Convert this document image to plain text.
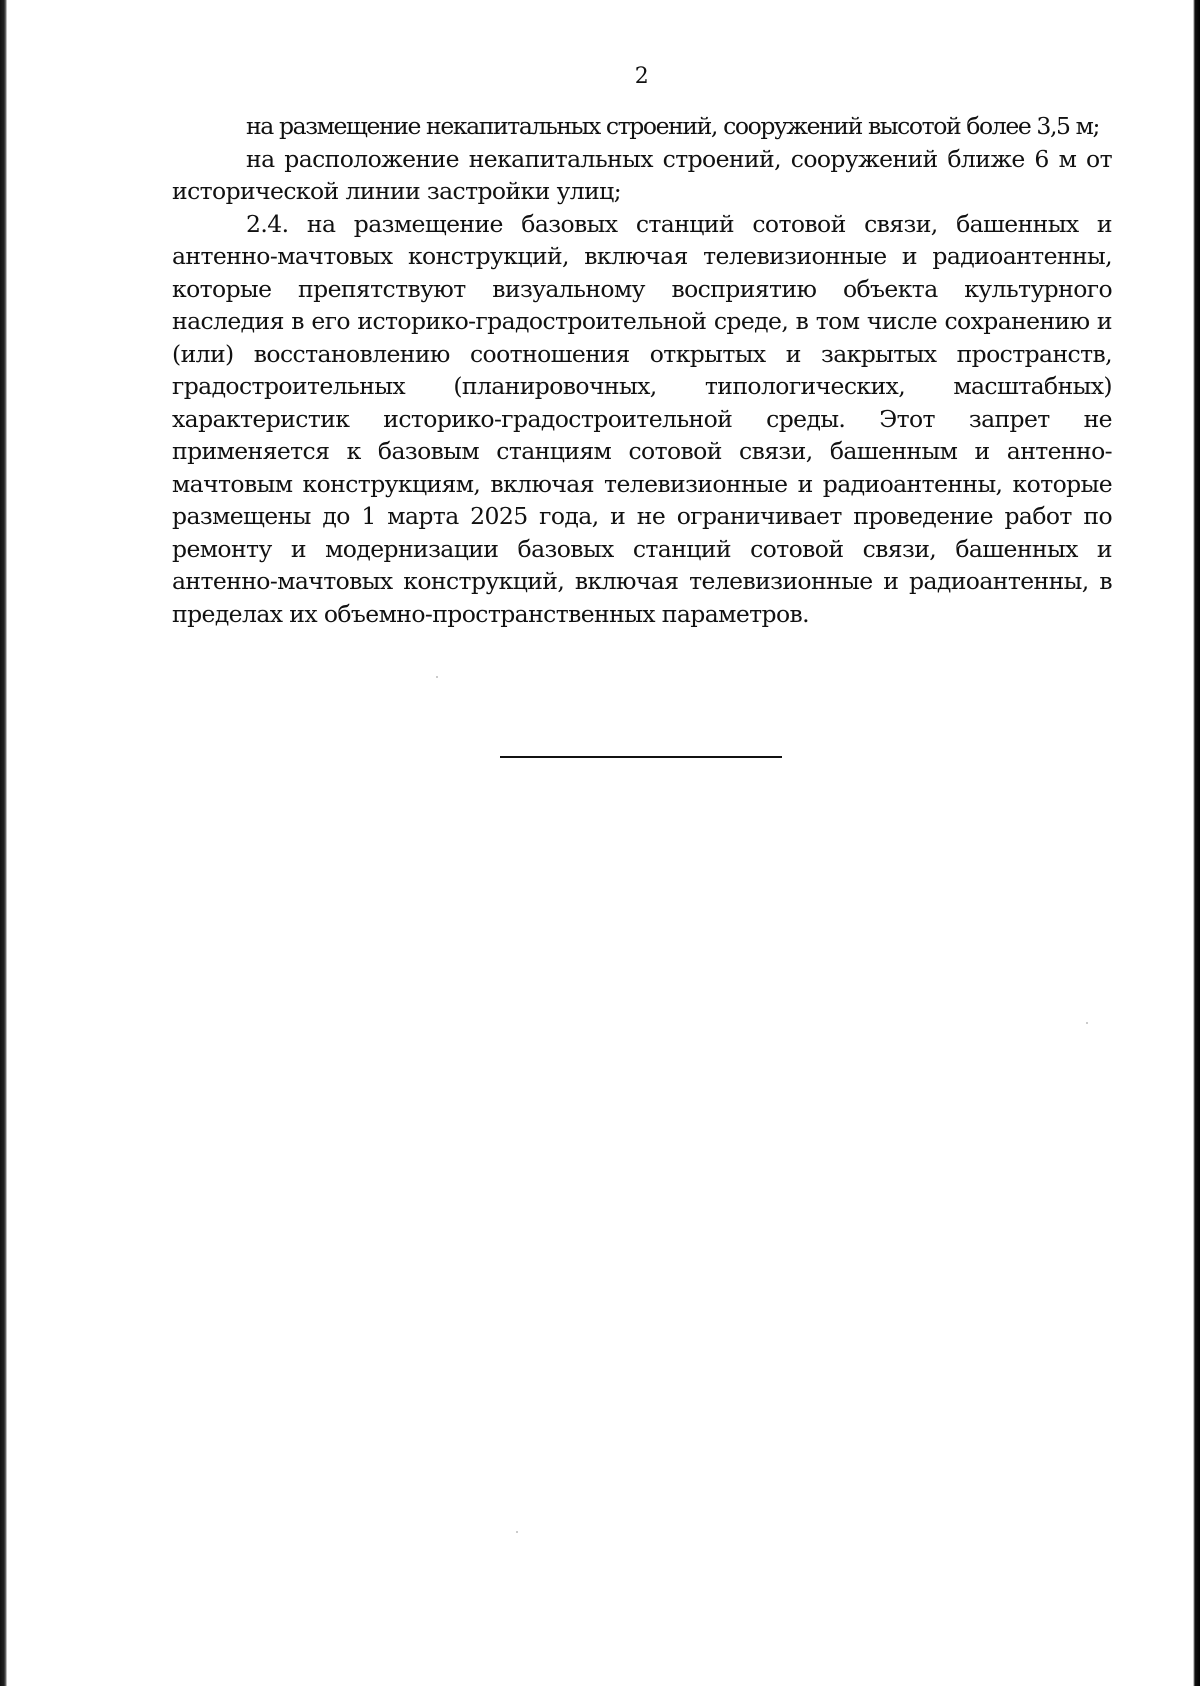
2

на размещение некапитальных строений, сооружений высотой более 3,5 м;

на расположение некапитальных строений, сооружений ближе 6 м от исторической линии застройки улиц;

2.4. на размещение базовых станций сотовой связи, башенных и антенно-мачтовых конструкций, включая телевизионные и радиоантенны, которые препятствуют визуальному восприятию объекта культурного наследия в его историко-градостроительной среде, в том числе сохранению и (или) восстановлению соотношения открытых и закрытых пространств, градостроительных (планировочных, типологических, масштабных) характеристик историко-градостроительной среды. Этот запрет не применяется к базовым станциям сотовой связи, башенным и антенно-мачтовым конструкциям, включая телевизионные и радиоантенны, которые размещены до 1 марта 2025 года, и не ограничивает проведение работ по ремонту и модернизации базовых станций сотовой связи, башенных и антенно-мачтовых конструкций, включая телевизионные и радиоантенны, в пределах их объемно-пространственных параметров.
